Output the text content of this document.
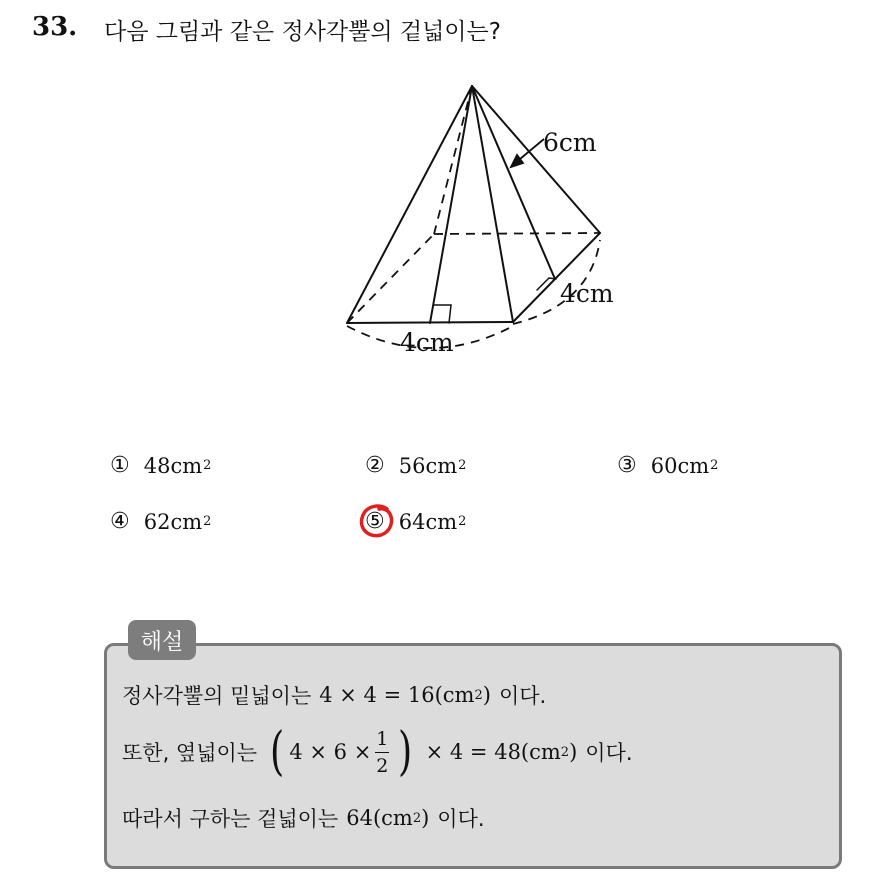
33. 다음 그림과 같은 정사각뿔의 겉넓이는?
6cm
4cm
4cm
① 48cm 2	② 56cm 2	③ 60cm 2
④ 62cm 2	⑤ 64cm 2
해설
정사각뿔의 밑넓이는 4 × 4 = 16(cm 2 ) 이다.
또한, 옆넓이는 ( $4 \times 6 \times \frac{1}{2}$ ) × 4 = 48(cm 2 ) 이다.
따라서 구하는 겉넓이는 64(cm 2 ) 이다.
